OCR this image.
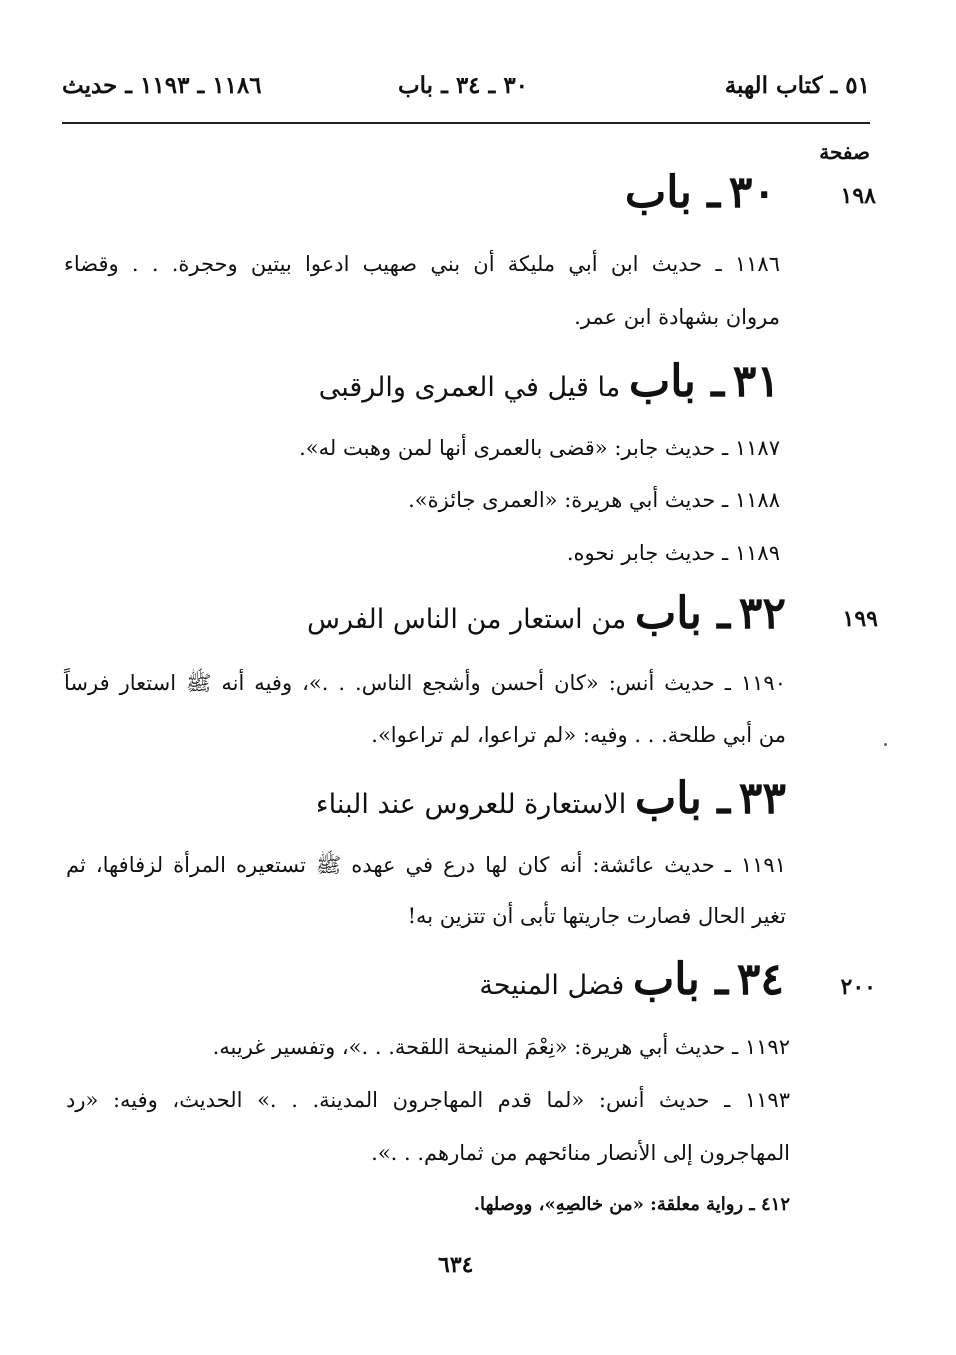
٥١ ـ كتاب الهبة
٣٠ ـ ٣٤ ـ باب
١١٨٦ ـ ١١٩٣ ـ حديث
صفحة
١٩٨
٣٠ ـ باب
١١٨٦ ـ حديث ابن أبي مليكة أن بني صهيب ادعوا بيتين وحجرة. . . وقضاء
مروان بشهادة ابن عمر.
٣١ ـ باب ما قيل في العمرى والرقبى
١١٨٧ ـ حديث جابر: «قضى بالعمرى أنها لمن وهبت له».
١١٨٨ ـ حديث أبي هريرة: «العمرى جائزة».
١١٨٩ ـ حديث جابر نحوه.
١٩٩
٣٢ ـ باب من استعار من الناس الفرس
١١٩٠ ـ حديث أنس: «كان أحسن وأشجع الناس. . .»، وفيه أنه ﷺ استعار فرساً
من أبي طلحة. . . وفيه: «لم تراعوا، لم تراعوا».
٣٣ ـ باب الاستعارة للعروس عند البناء
١١٩١ ـ حديث عائشة: أنه كان لها درع في عهده ﷺ تستعيره المرأة لزفافها، ثم
تغير الحال فصارت جاريتها تأبى أن تتزين به!
٢٠٠
٣٤ ـ باب فضل المنيحة
١١٩٢ ـ حديث أبي هريرة: «نِعْمَ المنيحة اللقحة. . .»، وتفسير غريبه.
١١٩٣ ـ حديث أنس: «لما قدم المهاجرون المدينة. . .» الحديث، وفيه: «رد
المهاجرون إلى الأنصار منائحهم من ثمارهم. . .».
٤١٢ ـ رواية معلقة: «من خالصِهِ»، ووصلها.
٦٣٤
